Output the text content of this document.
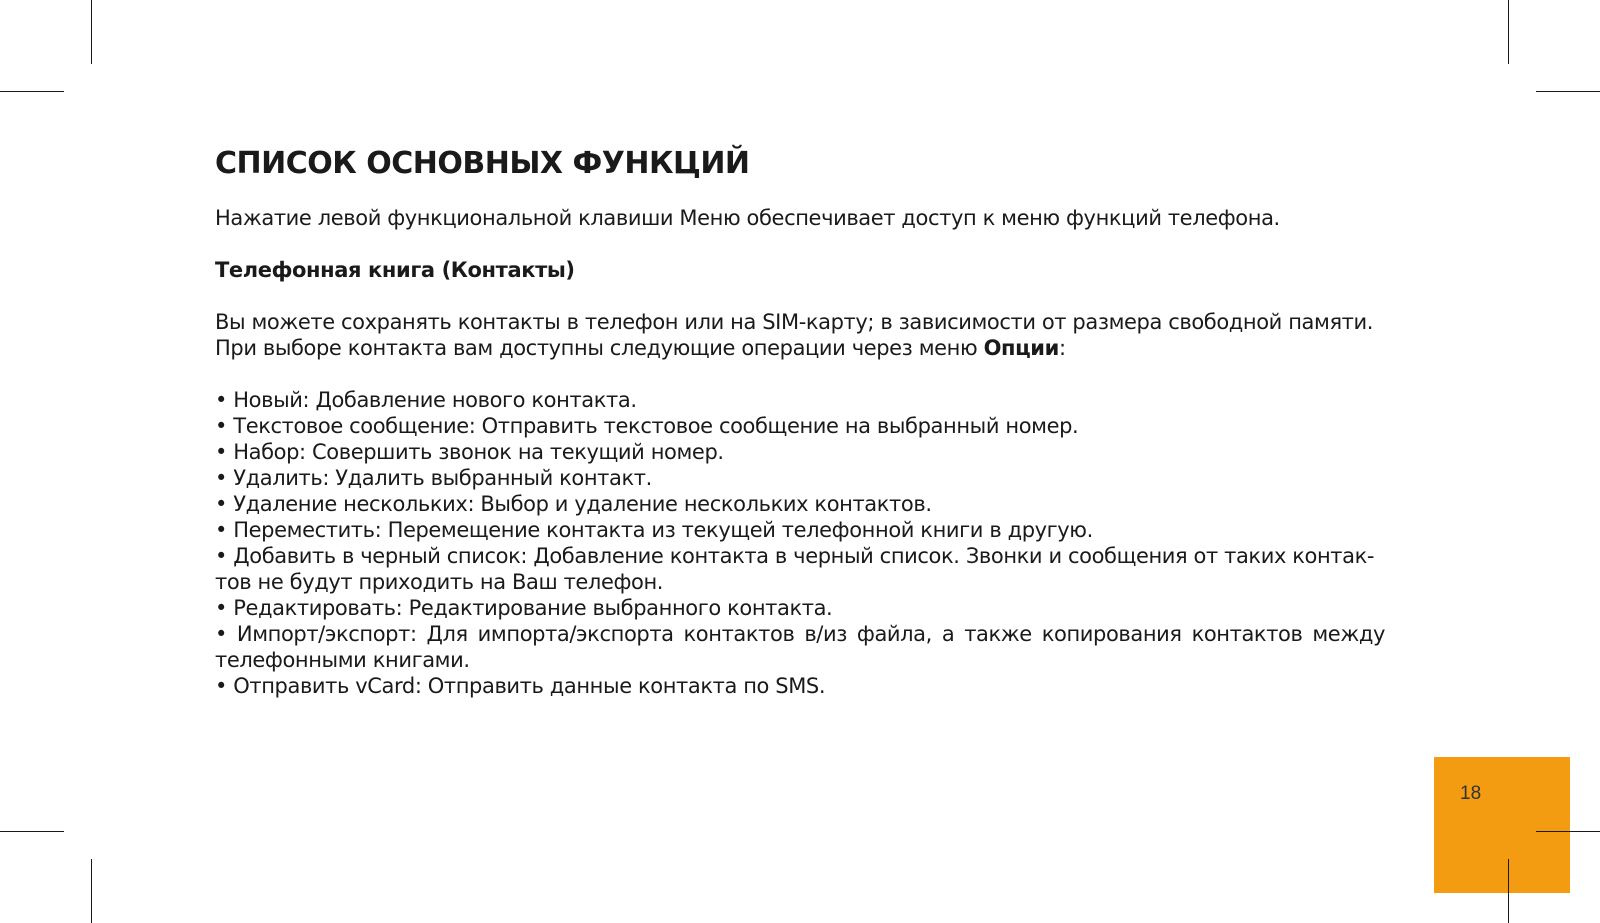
СПИСОК ОСНОВНЫХ ФУНКЦИЙ

Нажатие левой функциональной клавиши Меню обеспечивает доступ к меню функций телефона.

Телефонная книга (Контакты)

Вы можете сохранять контакты в телефон или на SIM-карту; в зависимости от размера свободной памяти.

При выборе контакта вам доступны следующие операции через меню Опции:

• Новый: Добавление нового контакта.
• Текстовое сообщение: Отправить текстовое сообщение на выбранный номер.
• Набор: Совершить звонок на текущий номер.
• Удалить: Удалить выбранный контакт.
• Удаление нескольких: Выбор и удаление нескольких контактов.
• Переместить: Перемещение контакта из текущей телефонной книги в другую.
• Добавить в черный список: Добавление контакта в черный список. Звонки и сообщения от таких контак-тов не будут приходить на Ваш телефон.
• Редактировать: Редактирование выбранного контакта.
• Импорт/экспорт: Для импорта/экспорта контактов в/из файла, а также копирования контактов между телефонными книгами.
• Отправить vCard: Отправить данные контакта по SMS.
18
